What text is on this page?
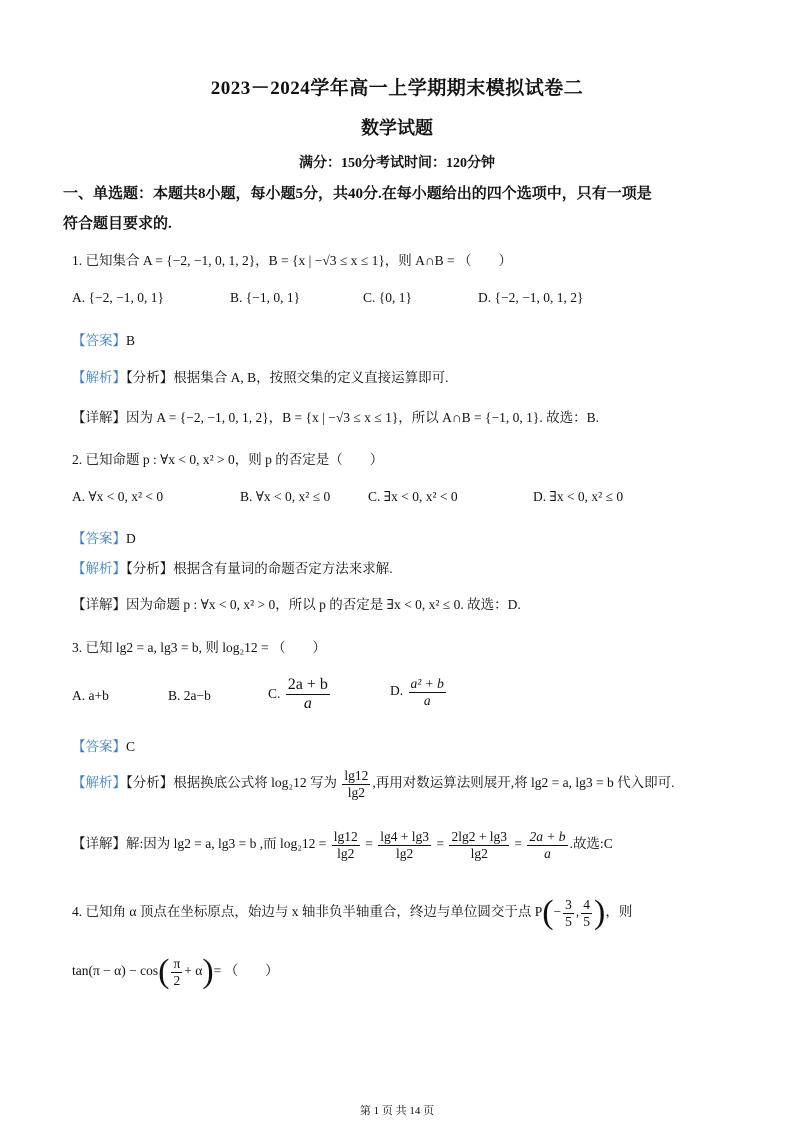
2023－2024学年高一上学期期末模拟试卷二
数学试题
满分：150分考试时间：120分钟
一、单选题：本题共8小题，每小题5分，共40分.在每小题给出的四个选项中，只有一项是
符合题目要求的.
1. 已知集合 A = {−2, −1, 0, 1, 2}，B = {x | −√3 ≤ x ≤ 1}，则 A∩B = （　　）
A. {−2, −1, 0, 1}	B. {−1, 0, 1}	C. {0, 1}	D. {−2, −1, 0, 1, 2}
【答案】B
【解析】【分析】根据集合 A, B，按照交集的定义直接运算即可.
【详解】因为 A = {−2, −1, 0, 1, 2}，B = {x | −√3 ≤ x ≤ 1}，所以 A∩B = {−1, 0, 1}. 故选：B.
2. 已知命题 p : ∀x < 0, x² > 0，则 p 的否定是（　　）
A. ∀x < 0, x² < 0	B. ∀x < 0, x² ≤ 0	C. ∃x < 0, x² < 0	D. ∃x < 0, x² ≤ 0
【答案】D
【解析】【分析】根据含有量词的命题否定方法来求解.
【详解】因为命题 p : ∀x < 0, x² > 0，所以 p 的否定是 ∃x < 0, x² ≤ 0. 故选：D.
3. 已知 lg2 = a, lg3 = b, 则 log₂12 = （　　）
A. a+b	B. 2a−b	C. $\frac{2a + b}{a}$	D. $\frac{\text{a² + b}}{a}$
【答案】C
【解析】【分析】根据换底公式将 log₂12 写为 $\frac{\lg 12}{\lg 2}$ ,再用对数运算法则展开,将 lg2 = a, lg3 = b 代入即可.
【详解】解:因为 lg2 = a, lg3 = b ,而 $\log_212 = \frac{\lg 12}{\lg 2} = \frac{\lg 4 + \lg 3}{\lg 2} = \frac{2\lg 2 + \lg 3}{\lg 2} = \frac{2a + b}{a}$ .故选:C
4. 已知角 α 顶点在坐标原点，始边与 x 轴非负半轴重合，终边与单位圆交于点 $P(- \frac{3}{5}$ , $\frac{4}{5}$ )，则
$\tan(\pi - \alpha) - \cos( \frac{\pi}{2} + \alpha)=$ （　　）
第 1 页 共 14 页
